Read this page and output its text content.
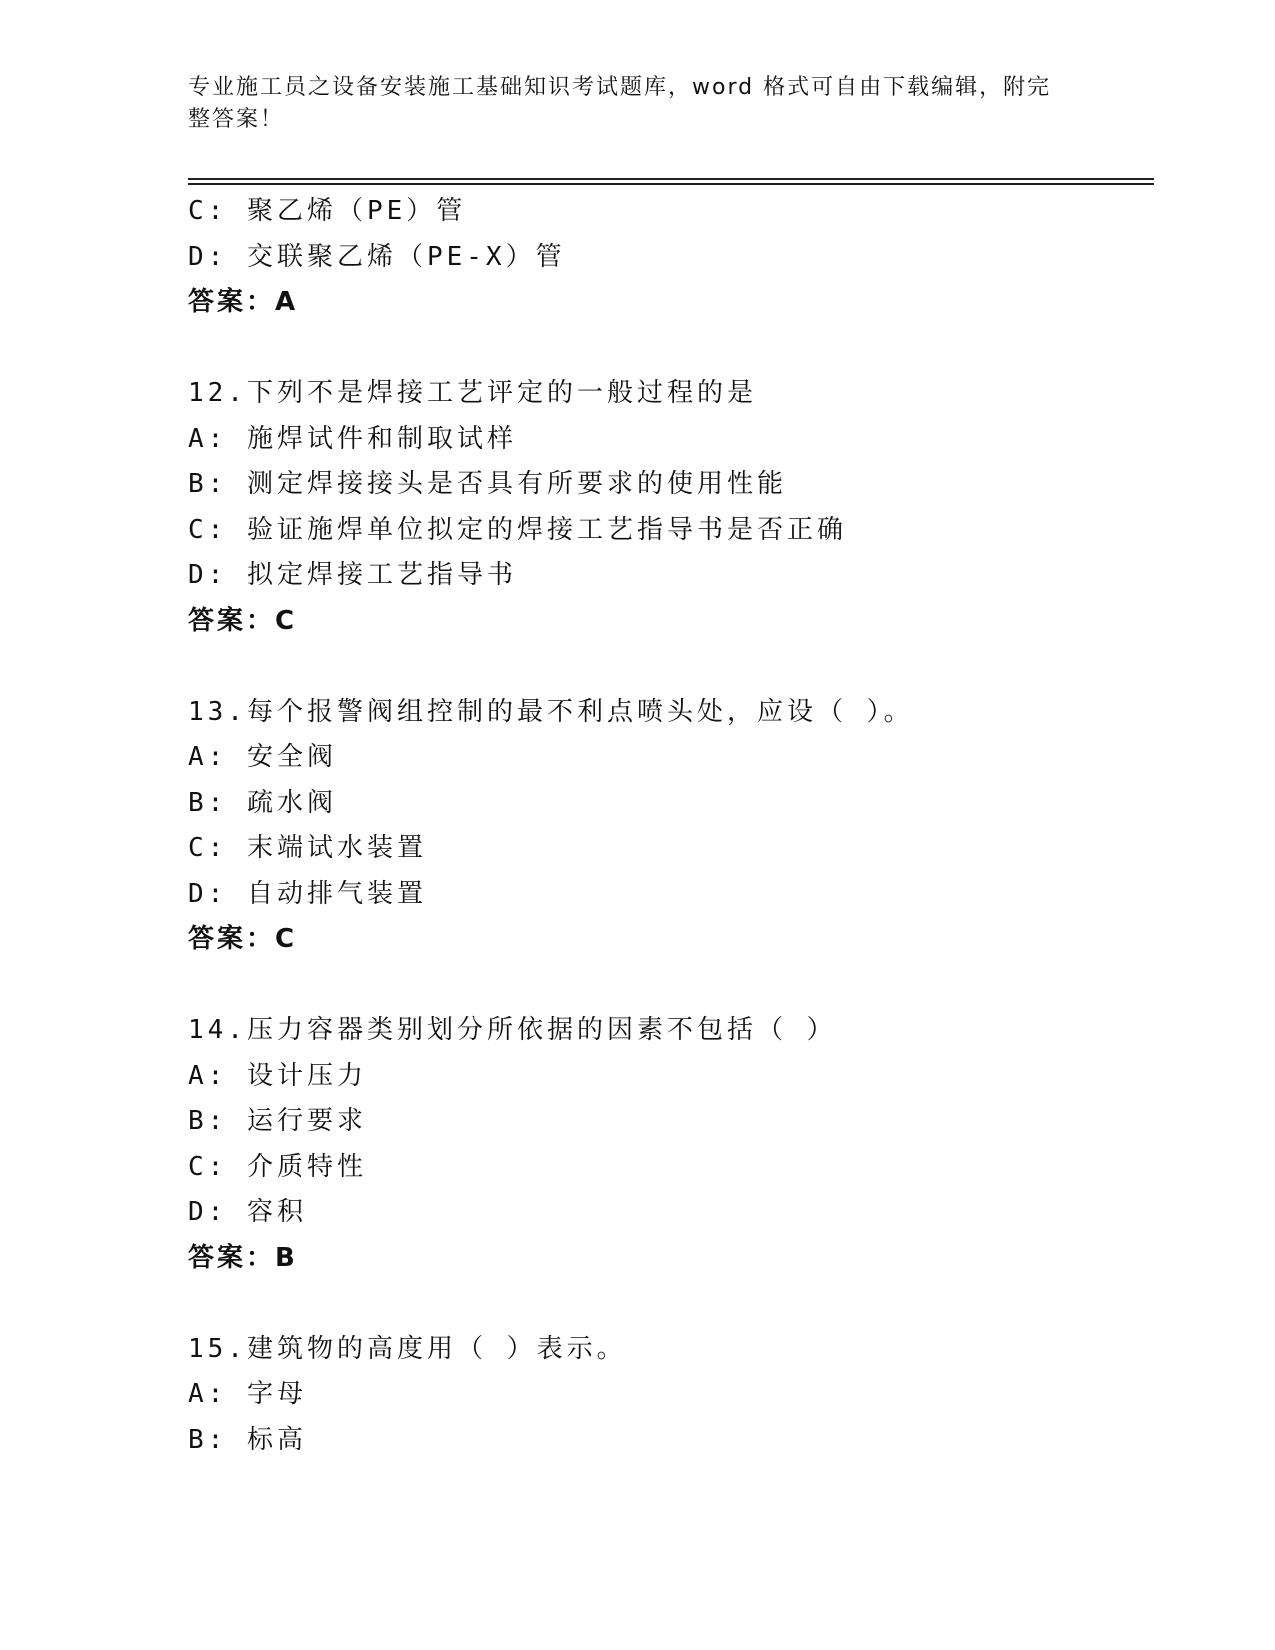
专业施工员之设备安装施工基础知识考试题库，word 格式可自由下载编辑，附完整答案！
C: 聚乙烯（PE）管
D: 交联聚乙烯（PE-X）管
答案：A
12.下列不是焊接工艺评定的一般过程的是
A: 施焊试件和制取试样
B: 测定焊接接头是否具有所要求的使用性能
C: 验证施焊单位拟定的焊接工艺指导书是否正确
D: 拟定焊接工艺指导书
答案：C
13.每个报警阀组控制的最不利点喷头处，应设（ ）。
A: 安全阀
B: 疏水阀
C: 末端试水装置
D: 自动排气装置
答案：C
14.压力容器类别划分所依据的因素不包括（ ）
A: 设计压力
B: 运行要求
C: 介质特性
D: 容积
答案：B
15.建筑物的高度用（ ）表示。
A: 字母
B: 标高
